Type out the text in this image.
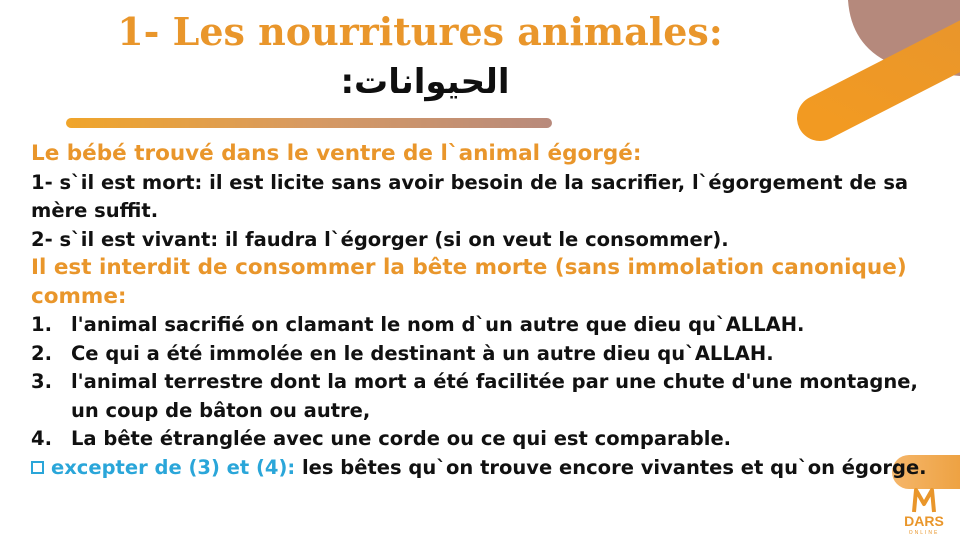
1- Les nourritures animales:
الحيوانات:

Le bébé trouvé dans le ventre de l`animal égorgé:

1- s`il est mort: il est licite sans avoir besoin de la sacrifier, l`égorgement de sa mère suffit.

2- s`il est vivant: il faudra l`égorger (si on veut le consommer).

Il est interdit de consommer la bête morte (sans immolation canonique) comme:

1. l'animal sacrifié on clamant le nom d`un autre que dieu qu`ALLAH.
2. Ce qui a été immolée en le destinant à un autre dieu qu`ALLAH.
3. l'animal terrestre dont la mort a été facilitée par une chute d'une montagne, un coup de bâton ou autre,
4. La bête étranglée avec une corde ou ce qui est comparable.

excepter de (3) et (4): les bêtes qu`on trouve encore vivantes et qu`on égorge.

DARS
ONLINE
